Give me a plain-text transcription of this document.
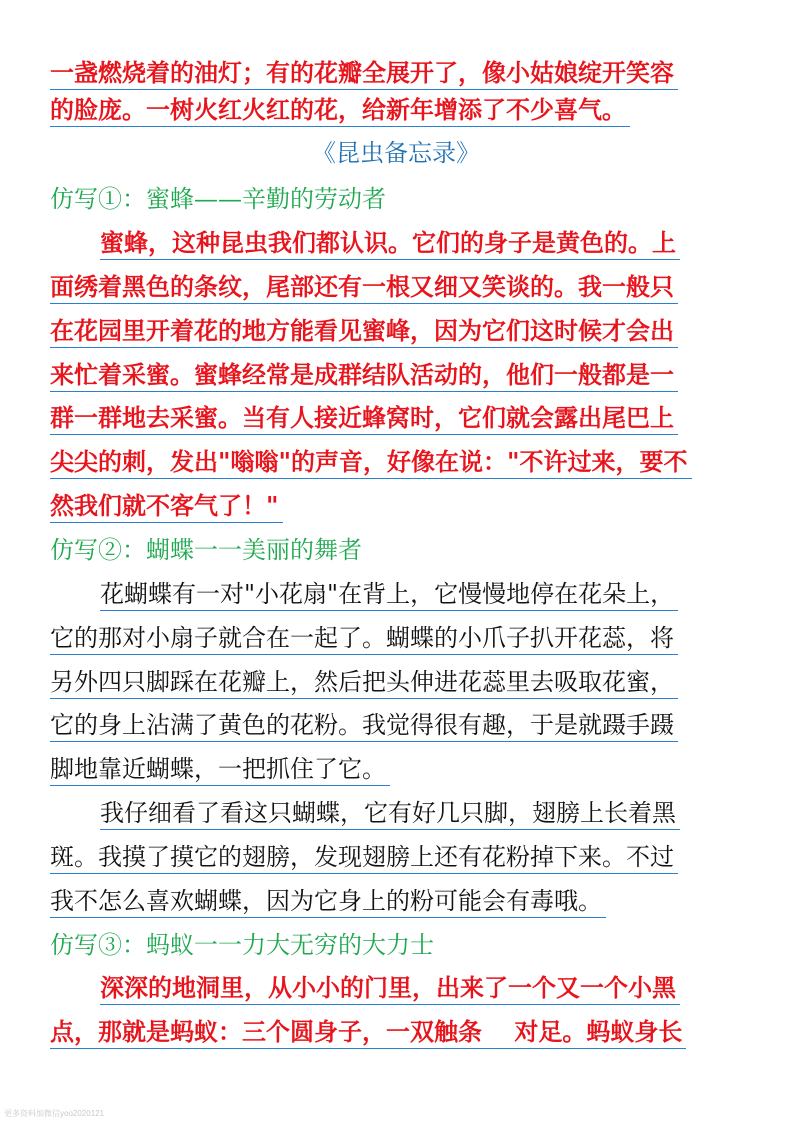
一盏燃烧着的油灯；有的花瓣全展开了，像小姑娘绽开笑容
的脸庞。一树火红火红的花，给新年增添了不少喜气。
《昆虫备忘录》
仿写①：蜜蜂——辛勤的劳动者
蜜蜂，这种昆虫我们都认识。它们的身子是黄色的。上
面绣着黑色的条纹，尾部还有一根又细又笑谈的。我一般只
在花园里开着花的地方能看见蜜峰，因为它们这时候才会出
来忙着采蜜。蜜蜂经常是成群结队活动的，他们一般都是一
群一群地去采蜜。当有人接近蜂窝时，它们就会露出尾巴上
尖尖的刺，发出"嗡嗡"的声音，好像在说："不许过来，要不
然我们就不客气了！"
仿写②：蝴蝶一一美丽的舞者
花蝴蝶有一对"小花扇"在背上，它慢慢地停在花朵上，
它的那对小扇子就合在一起了。蝴蝶的小爪子扒开花蕊，将
另外四只脚踩在花瓣上，然后把头伸进花蕊里去吸取花蜜，
它的身上沾满了黄色的花粉。我觉得很有趣，于是就蹑手蹑
脚地靠近蝴蝶，一把抓住了它。
我仔细看了看这只蝴蝶，它有好几只脚，翅膀上长着黑
斑。我摸了摸它的翅膀，发现翅膀上还有花粉掉下来。不过
我不怎么喜欢蝴蝶，因为它身上的粉可能会有毒哦。
仿写③：蚂蚁一一力大无穷的大力士
深深的地洞里，从小小的门里，出来了一个又一个小黑
点，那就是蚂蚁：三个圆身子，一双触条　 对足。蚂蚁身长
更多资料加微信yoo2020121
